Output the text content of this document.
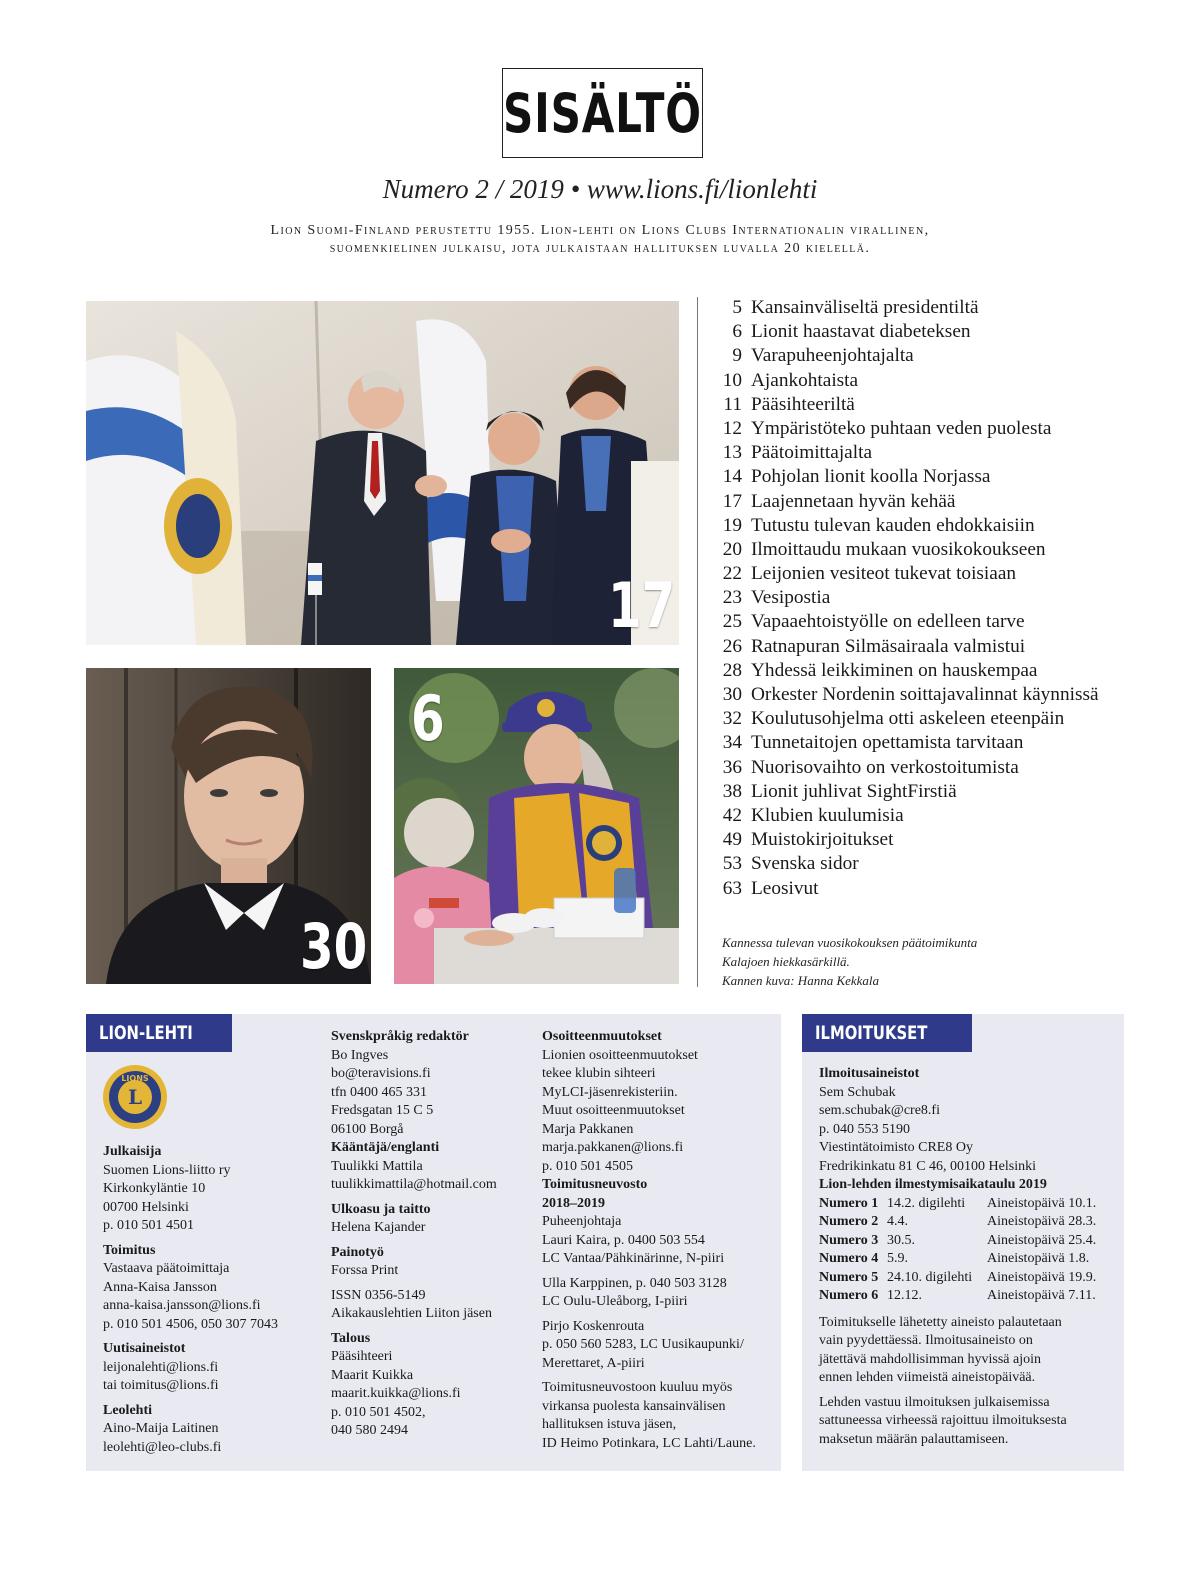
SISÄLTÖ
Numero 2 / 2019 • www.lions.fi/lionlehti
Lion Suomi-Finland perustettu 1955. Lion-lehti on Lions Clubs Internationalin virallinen,
suomenkielinen julkaisu, jota julkaistaan hallituksen luvalla 20 kielellä.
17
30
6
5 Kansainväliseltä presidentiltä
6 Lionit haastavat diabeteksen
9 Varapuheenjohtajalta
10 Ajankohtaista
11 Pääsihteeriltä
12 Ympäristöteko puhtaan veden puolesta
13 Päätoimittajalta
14 Pohjolan lionit koolla Norjassa
17 Laajennetaan hyvän kehää
19 Tutustu tulevan kauden ehdokkaisiin
20 Ilmoittaudu mukaan vuosikokoukseen
22 Leijonien vesiteot tukevat toisiaan
23 Vesipostia
25 Vapaaehtoistyölle on edelleen tarve
26 Ratnapuran Silmäsairaala valmistui
28 Yhdessä leikkiminen on hauskempaa
30 Orkester Nordenin soittajavalinnat käynnissä
32 Koulutusohjelma otti askeleen eteenpäin
34 Tunnetaitojen opettamista tarvitaan
36 Nuorisovaihto on verkostoitumista
38 Lionit juhlivat SightFirstiä
42 Klubien kuulumisia
49 Muistokirjoitukset
53 Svenska sidor
63 Leosivut
Kannessa tulevan vuosikokouksen päätoimikunta
Kalajoen hiekkasärkillä.
Kannen kuva: Hanna Kekkala
LION-LEHTI
LIONS
L

Julkaisija

Suomen Lions-liitto ry

Kirkonkyläntie 10

00700 Helsinki

p. 010 501 4501

Toimitus

Vastaava päätoimittaja

Anna-Kaisa Jansson

anna-kaisa.jansson@lions.fi

p. 010 501 4506, 050 307 7043

Uutisaineistot

leijonalehti@lions.fi

tai toimitus@lions.fi

Leolehti

Aino-Maija Laitinen

leolehti@leo-clubs.fi

Svenskpråkig redaktör

Bo Ingves

bo@teravisions.fi

tfn 0400 465 331

Fredsgatan 15 C 5

06100 Borgå

Kääntäjä/englanti

Tuulikki Mattila

tuulikkimattila@hotmail.com

Ulkoasu ja taitto

Helena Kajander

Painotyö

Forssa Print

ISSN 0356-5149

Aikakauslehtien Liiton jäsen

Talous

Pääsihteeri

Maarit Kuikka

maarit.kuikka@lions.fi

p. 010 501 4502,

040 580 2494

Osoitteenmuutokset

Lionien osoitteenmuutokset

tekee klubin sihteeri

MyLCI-jäsenrekisteriin.

Muut osoitteenmuutokset

Marja Pakkanen

marja.pakkanen@lions.fi

p. 010 501 4505

Toimitusneuvosto

2018–2019

Puheenjohtaja

Lauri Kaira, p. 0400 503 554

LC Vantaa/Pähkinärinne, N-piiri

Ulla Karppinen, p. 040 503 3128

LC Oulu-Uleåborg, I-piiri

Pirjo Koskenrouta

p. 050 560 5283, LC Uusikaupunki/

Merettaret, A-piiri

Toimitusneuvostoon kuuluu myös

virkansa puolesta kansainvälisen

hallituksen istuva jäsen,

ID Heimo Potinkara, LC Lahti/Laune.

ILMOITUKSET

Ilmoitusaineistot

Sem Schubak

sem.schubak@cre8.fi

p. 040 553 5190

Viestintätoimisto CRE8 Oy

Fredrikinkatu 81 C 46, 00100 Helsinki

Lion-lehden ilmestymisaikataulu 2019

Numero 1	14.2. digilehti	Aineistopäivä 10.1.
Numero 2	4.4.	Aineistopäivä 28.3.
Numero 3	30.5.	Aineistopäivä 25.4.
Numero 4	5.9.	Aineistopäivä 1.8.
Numero 5	24.10. digilehti	Aineistopäivä 19.9.
Numero 6	12.12.	Aineistopäivä 7.11.

Toimitukselle lähetetty aineisto palautetaan

vain pyydettäessä. Ilmoitusaineisto on

jätettävä mahdollisimman hyvissä ajoin

ennen lehden viimeistä aineistopäivää.

Lehden vastuu ilmoituksen julkaisemissa

sattuneessa virheessä rajoittuu ilmoituksesta

maksetun määrän palauttamiseen.
